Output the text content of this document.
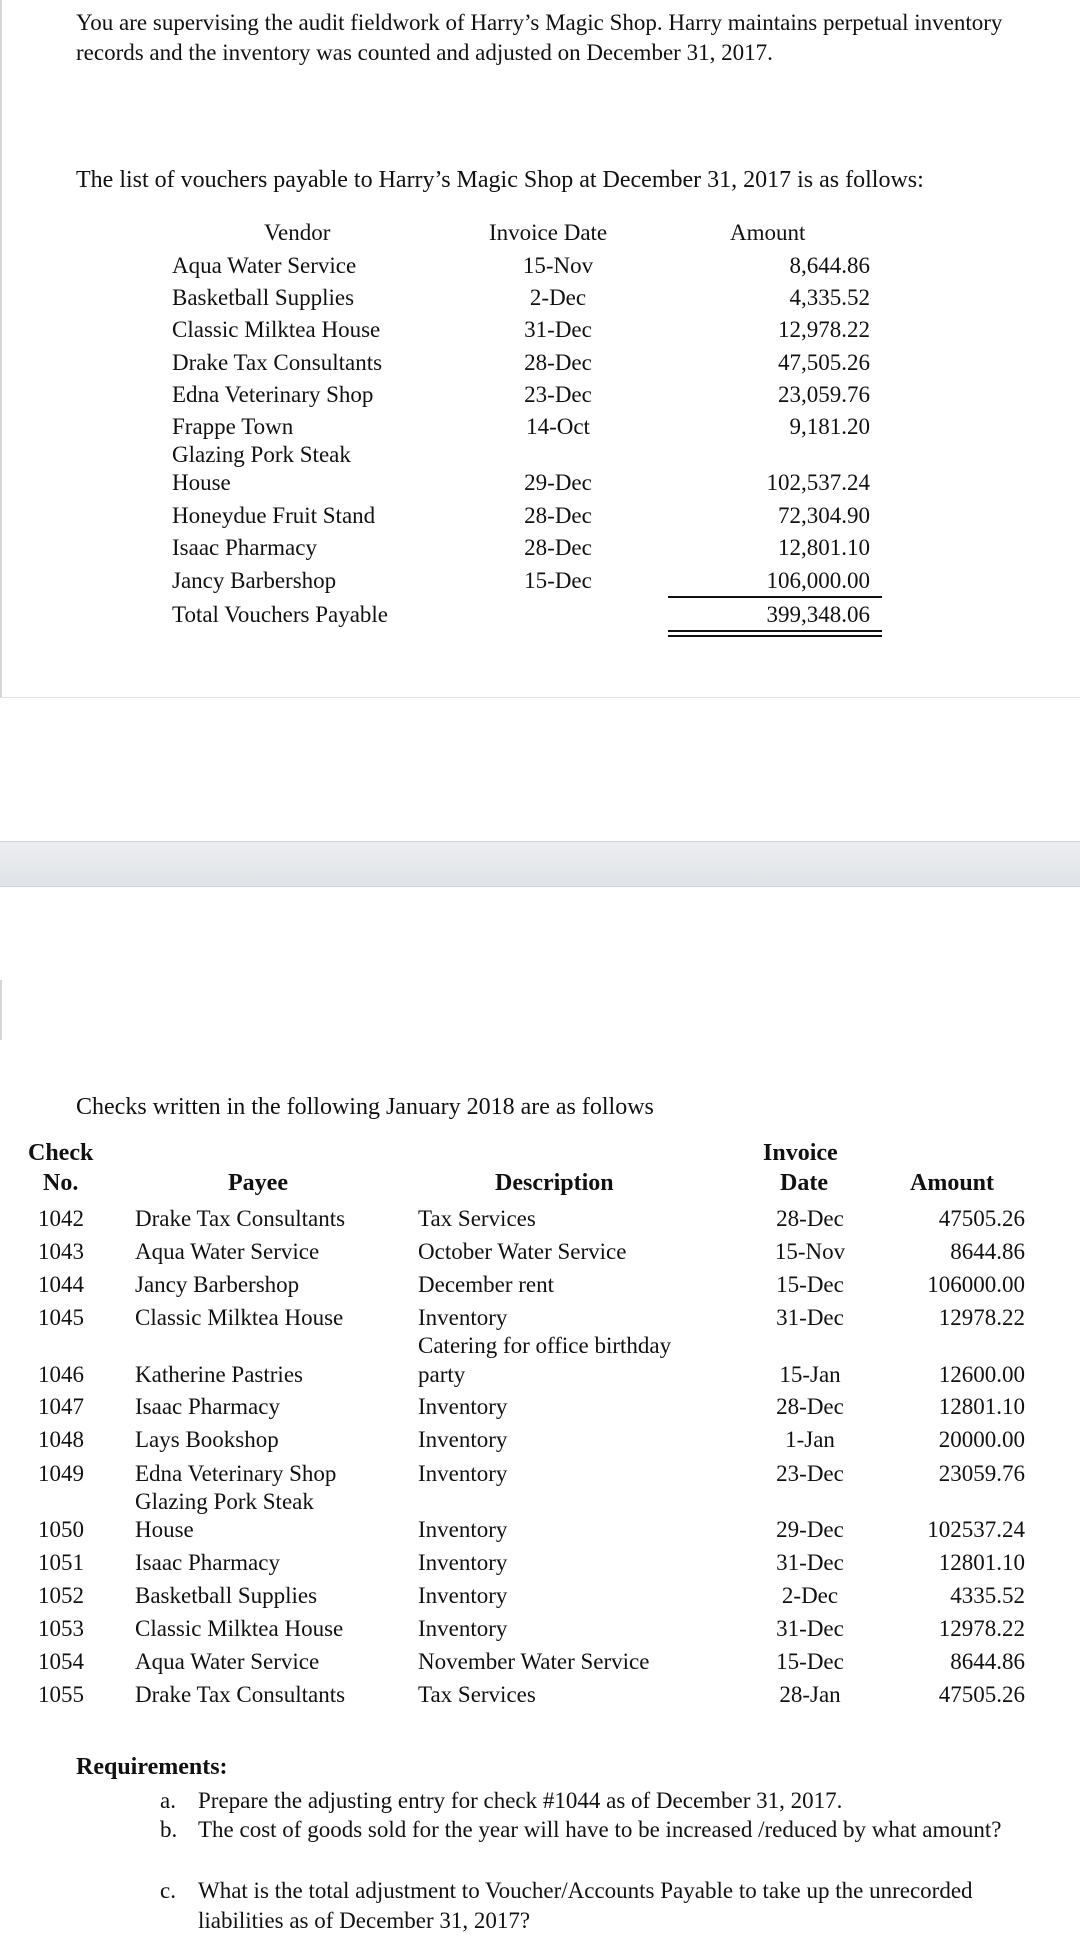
You are supervising the audit fieldwork of Harry’s Magic Shop. Harry maintains perpetual inventory records and the inventory was counted and adjusted on December 31, 2017.
The list of vouchers payable to Harry’s Magic Shop at December 31, 2017 is as follows:
Vendor	Invoice Date	Amount
Aqua Water Service	15-Nov	8,644.86
Basketball Supplies	2-Dec	4,335.52
Classic Milktea House	31-Dec	12,978.22
Drake Tax Consultants	28-Dec	47,505.26
Edna Veterinary Shop	23-Dec	23,059.76
Frappe Town	14-Oct	9,181.20
Glazing Pork Steak
House	29-Dec	102,537.24
Honeydue Fruit Stand	28-Dec	72,304.90
Isaac Pharmacy	28-Dec	12,801.10
Jancy Barbershop	15-Dec	106,000.00
Total Vouchers Payable	399,348.06
Checks written in the following January 2018 are as follows
Check
No.	Payee	Description
Invoice
Date	Amount
1042 Drake Tax Consultants	Tax Services	28-Dec	47505.26
1043 Aqua Water Service	October Water Service	15-Nov	8644.86
1044 Jancy Barbershop	December rent	15-Dec	106000.00
1045 Classic Milktea House	Inventory	31-Dec	12978.22
Catering for office birthday
1046 Katherine Pastries	party	15-Jan	12600.00
1047 Isaac Pharmacy	Inventory	28-Dec	12801.10
1048 Lays Bookshop	Inventory	1-Jan	20000.00
1049 Edna Veterinary Shop	Inventory	23-Dec	23059.76
Glazing Pork Steak
1050 House	Inventory	29-Dec	102537.24
1051 Isaac Pharmacy	Inventory	31-Dec	12801.10
1052 Basketball Supplies	Inventory	2-Dec	4335.52
1053 Classic Milktea House	Inventory	31-Dec	12978.22
1054 Aqua Water Service	November Water Service	15-Dec	8644.86
1055 Drake Tax Consultants	Tax Services	28-Jan	47505.26
Requirements:
a. Prepare the adjusting entry for check #1044 as of December 31, 2017.
b. The cost of goods sold for the year will have to be increased /reduced by what amount?
c. What is the total adjustment to Voucher/Accounts Payable to take up the unrecorded liabilities as of December 31, 2017?
